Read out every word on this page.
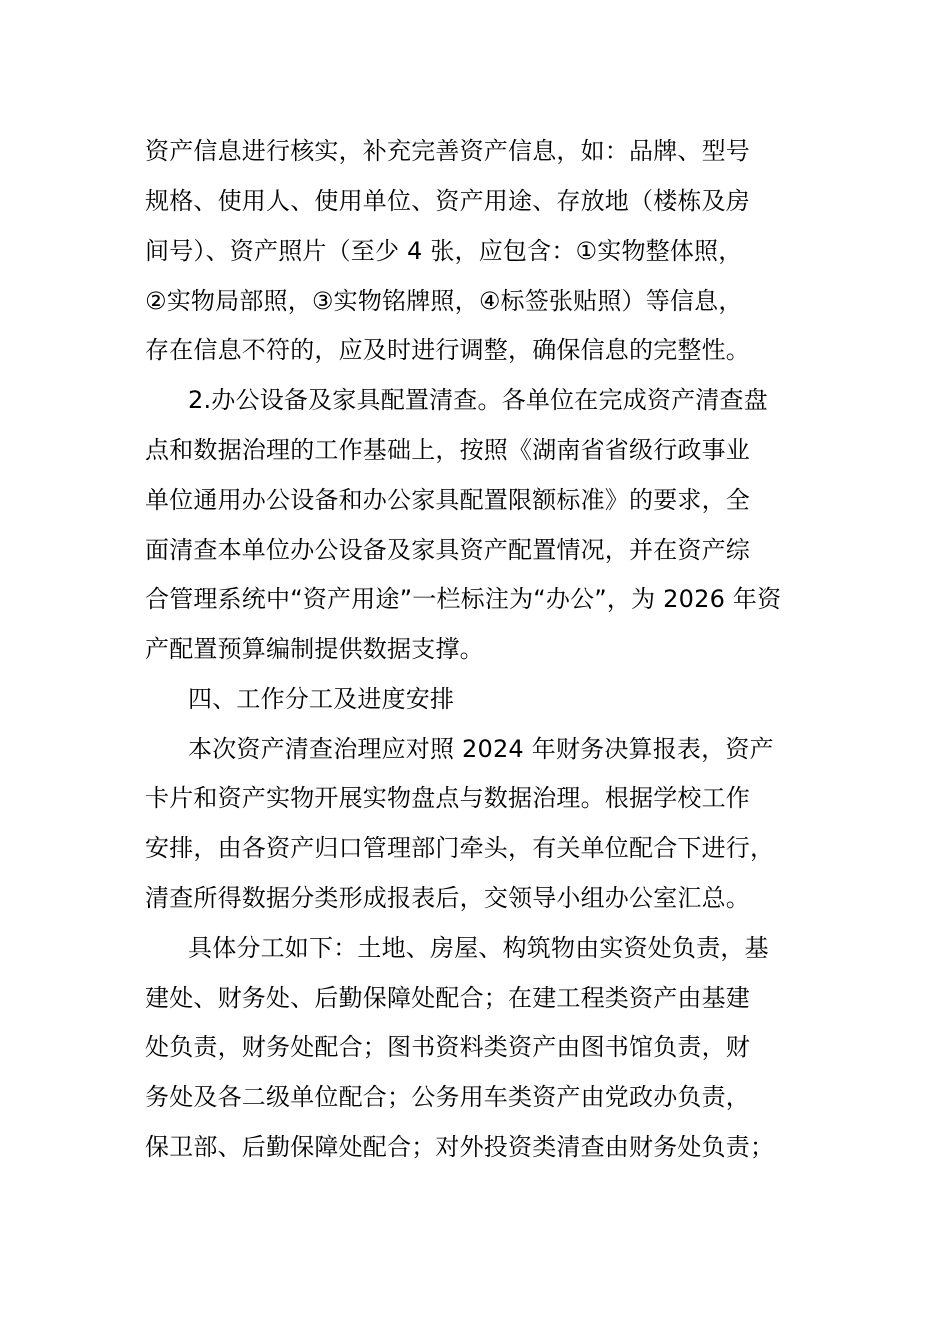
资产信息进行核实，补充完善资产信息，如：品牌、型号
规格、使用人、使用单位、资产用途、存放地（楼栋及房
间号）、资产照片（至少 4 张，应包含：①实物整体照，
②实物局部照，③实物铭牌照，④标签张贴照）等信息，
存在信息不符的，应及时进行调整，确保信息的完整性。
2.办公设备及家具配置清查。各单位在完成资产清查盘
点和数据治理的工作基础上，按照《湖南省省级行政事业
单位通用办公设备和办公家具配置限额标准》的要求，全
面清查本单位办公设备及家具资产配置情况，并在资产综
合管理系统中“资产用途”一栏标注为“办公”，为 2026 年资
产配置预算编制提供数据支撑。
四、工作分工及进度安排
本次资产清查治理应对照 2024 年财务决算报表，资产
卡片和资产实物开展实物盘点与数据治理。根据学校工作
安排，由各资产归口管理部门牵头，有关单位配合下进行，
清查所得数据分类形成报表后，交领导小组办公室汇总。
具体分工如下：土地、房屋、构筑物由实资处负责，基
建处、财务处、后勤保障处配合；在建工程类资产由基建
处负责，财务处配合；图书资料类资产由图书馆负责，财
务处及各二级单位配合；公务用车类资产由党政办负责，
保卫部、后勤保障处配合；对外投资类清查由财务处负责；
